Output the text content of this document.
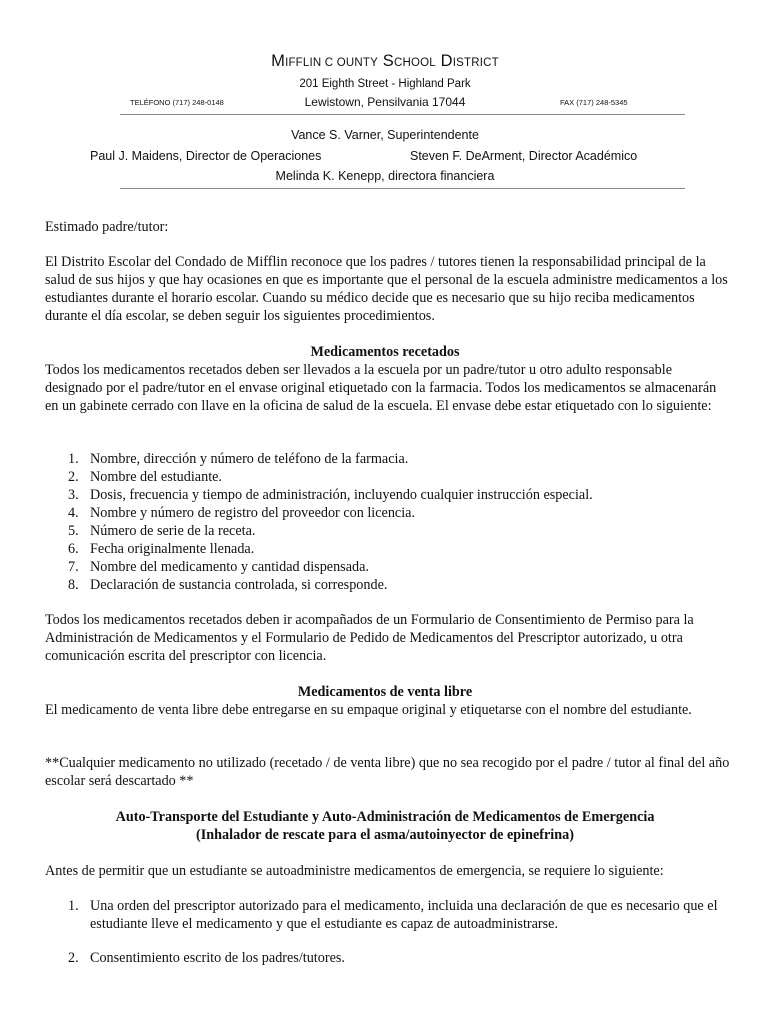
MIFFLIN C OUNTY SCHOOL DISTRICT
201 Eighth Street - Highland Park
Lewistown, Pensilvania 17044
TELÉFONO (717) 248-0148	FAX (717) 248-5345
Vance S. Varner, Superintendente
Paul J. Maidens, Director de Operaciones	Steven F. DeArment, Director Académico
Melinda K. Kenepp, directora financiera
Estimado padre/tutor:
El Distrito Escolar del Condado de Mifflin reconoce que los padres / tutores tienen la responsabilidad principal de la salud de sus hijos y que hay ocasiones en que es importante que el personal de la escuela administre medicamentos a los estudiantes durante el horario escolar. Cuando su médico decide que es necesario que su hijo reciba medicamentos durante el día escolar, se deben seguir los siguientes procedimientos.
Medicamentos recetados
Todos los medicamentos recetados deben ser llevados a la escuela por un padre/tutor u otro adulto responsable designado por el padre/tutor en el envase original etiquetado con la farmacia. Todos los medicamentos se almacenarán en un gabinete cerrado con llave en la oficina de salud de la escuela. El envase debe estar etiquetado con lo siguiente:
1. Nombre, dirección y número de teléfono de la farmacia.
2. Nombre del estudiante.
3. Dosis, frecuencia y tiempo de administración, incluyendo cualquier instrucción especial.
4. Nombre y número de registro del proveedor con licencia.
5. Número de serie de la receta.
6. Fecha originalmente llenada.
7. Nombre del medicamento y cantidad dispensada.
8. Declaración de sustancia controlada, si corresponde.
Todos los medicamentos recetados deben ir acompañados de un Formulario de Consentimiento de Permiso para la Administración de Medicamentos y el Formulario de Pedido de Medicamentos del Prescriptor autorizado, u otra comunicación escrita del prescriptor con licencia.
Medicamentos de venta libre
El medicamento de venta libre debe entregarse en su empaque original y etiquetarse con el nombre del estudiante.
**Cualquier medicamento no utilizado (recetado / de venta libre) que no sea recogido por el padre / tutor al final del año escolar será descartado **
Auto-Transporte del Estudiante y Auto-Administración de Medicamentos de Emergencia
(Inhalador de rescate para el asma/autoinyector de epinefrina)
Antes de permitir que un estudiante se autoadministre medicamentos de emergencia, se requiere lo siguiente:
1. Una orden del prescriptor autorizado para el medicamento, incluida una declaración de que es necesario que el estudiante lleve el medicamento y que el estudiante es capaz de autoadministrarse.
2. Consentimiento escrito de los padres/tutores.
